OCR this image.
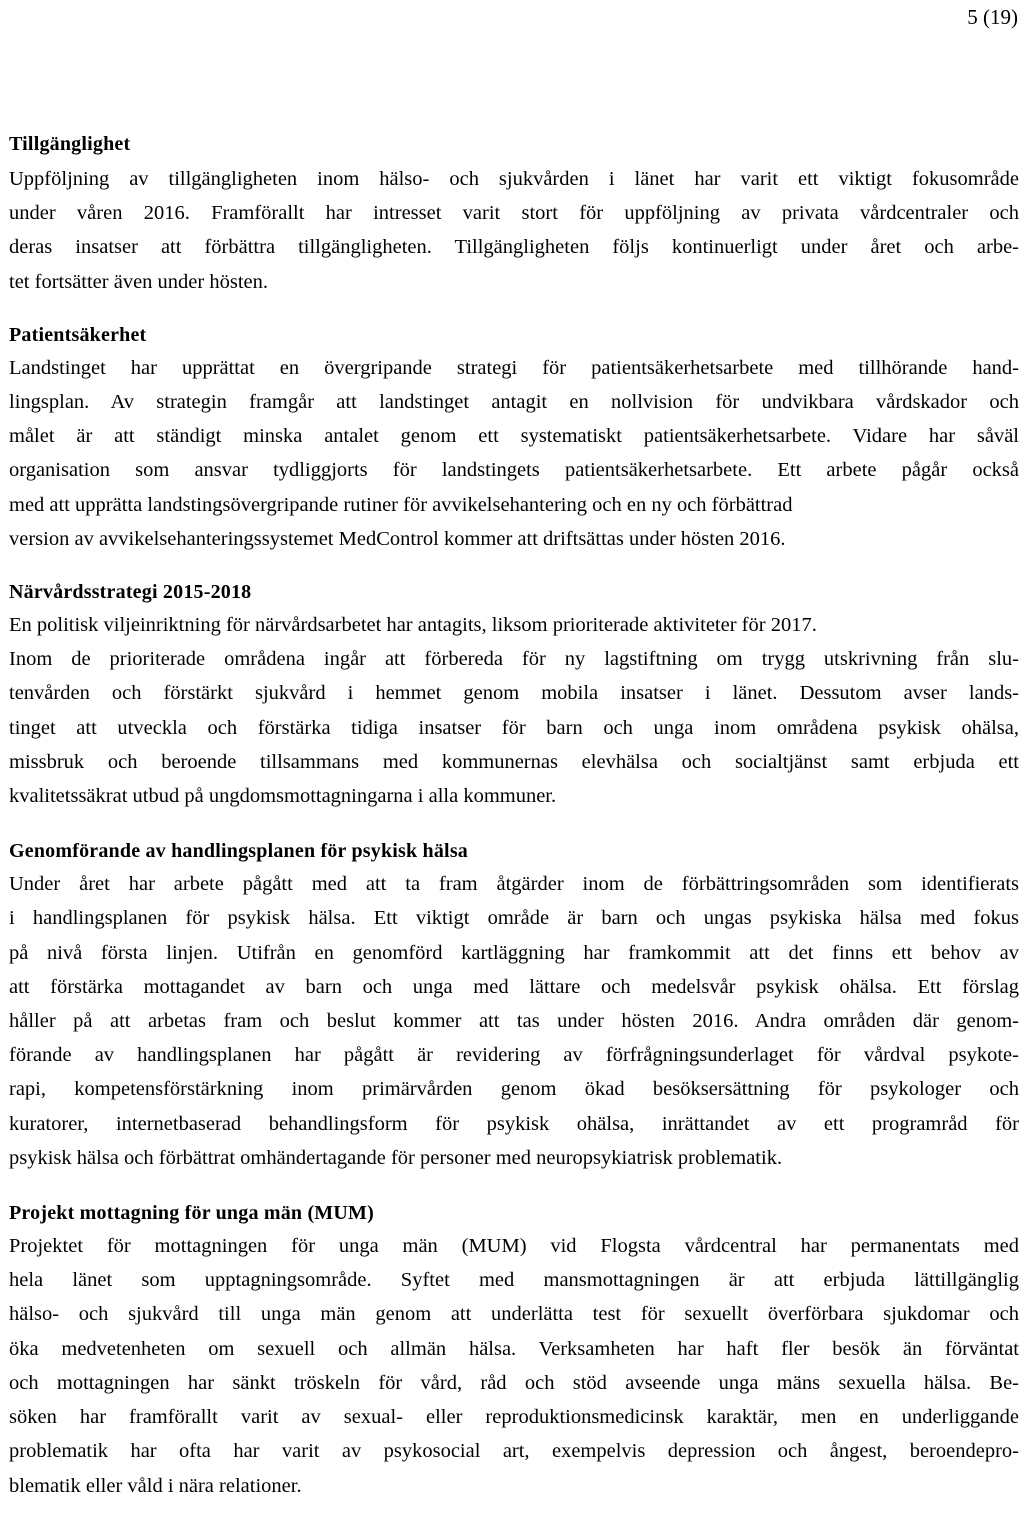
5 (19)
Tillgänglighet

Uppföljning av tillgängligheten inom hälso- och sjukvården i länet har varit ett viktigt fokusområde
under våren 2016. Framförallt har intresset varit stort för uppföljning av privata vårdcentraler och
deras insatser att förbättra tillgängligheten. Tillgängligheten följs kontinuerligt under året och arbe-
tet fortsätter även under hösten.

Patientsäkerhet

Landstinget har upprättat en övergripande strategi för patientsäkerhetsarbete med tillhörande hand-
lingsplan. Av strategin framgår att landstinget antagit en nollvision för undvikbara vårdskador och
målet är att ständigt minska antalet genom ett systematiskt patientsäkerhetsarbete. Vidare har såväl
organisation som ansvar tydliggjorts för landstingets patientsäkerhetsarbete. Ett arbete pågår också
med att upprätta landstingsövergripande rutiner för avvikelsehantering och en ny och förbättrad
version av avvikelsehanteringssystemet MedControl kommer att driftsättas under hösten 2016.

Närvårdsstrategi 2015-2018

En politisk viljeinriktning för närvårdsarbetet har antagits, liksom prioriterade aktiviteter för 2017.
Inom de prioriterade områdena ingår att förbereda för ny lagstiftning om trygg utskrivning från slu-
tenvården och förstärkt sjukvård i hemmet genom mobila insatser i länet. Dessutom avser lands-
tinget att utveckla och förstärka tidiga insatser för barn och unga inom områdena psykisk ohälsa,
missbruk och beroende tillsammans med kommunernas elevhälsa och socialtjänst samt erbjuda ett
kvalitetssäkrat utbud på ungdomsmottagningarna i alla kommuner.

Genomförande av handlingsplanen för psykisk hälsa

Under året har arbete pågått med att ta fram åtgärder inom de förbättringsområden som identifierats
i handlingsplanen för psykisk hälsa. Ett viktigt område är barn och ungas psykiska hälsa med fokus
på nivå första linjen. Utifrån en genomförd kartläggning har framkommit att det finns ett behov av
att förstärka mottagandet av barn och unga med lättare och medelsvår psykisk ohälsa. Ett förslag
håller på att arbetas fram och beslut kommer att tas under hösten 2016. Andra områden där genom-
förande av handlingsplanen har pågått är revidering av förfrågningsunderlaget för vårdval psykote-
rapi, kompetensförstärkning inom primärvården genom ökad besöksersättning för psykologer och
kuratorer, internetbaserad behandlingsform för psykisk ohälsa, inrättandet av ett programråd för
psykisk hälsa och förbättrat omhändertagande för personer med neuropsykiatrisk problematik.

Projekt mottagning för unga män (MUM)

Projektet för mottagningen för unga män (MUM) vid Flogsta vårdcentral har permanentats med
hela länet som upptagningsområde. Syftet med mansmottagningen är att erbjuda lättillgänglig
hälso- och sjukvård till unga män genom att underlätta test för sexuellt överförbara sjukdomar och
öka medvetenheten om sexuell och allmän hälsa. Verksamheten har haft fler besök än förväntat
och mottagningen har sänkt tröskeln för vård, råd och stöd avseende unga mäns sexuella hälsa. Be-
söken har framförallt varit av sexual- eller reproduktionsmedicinsk karaktär, men en underliggande
problematik har ofta har varit av psykosocial art, exempelvis depression och ångest, beroendepro-
blematik eller våld i nära relationer.
